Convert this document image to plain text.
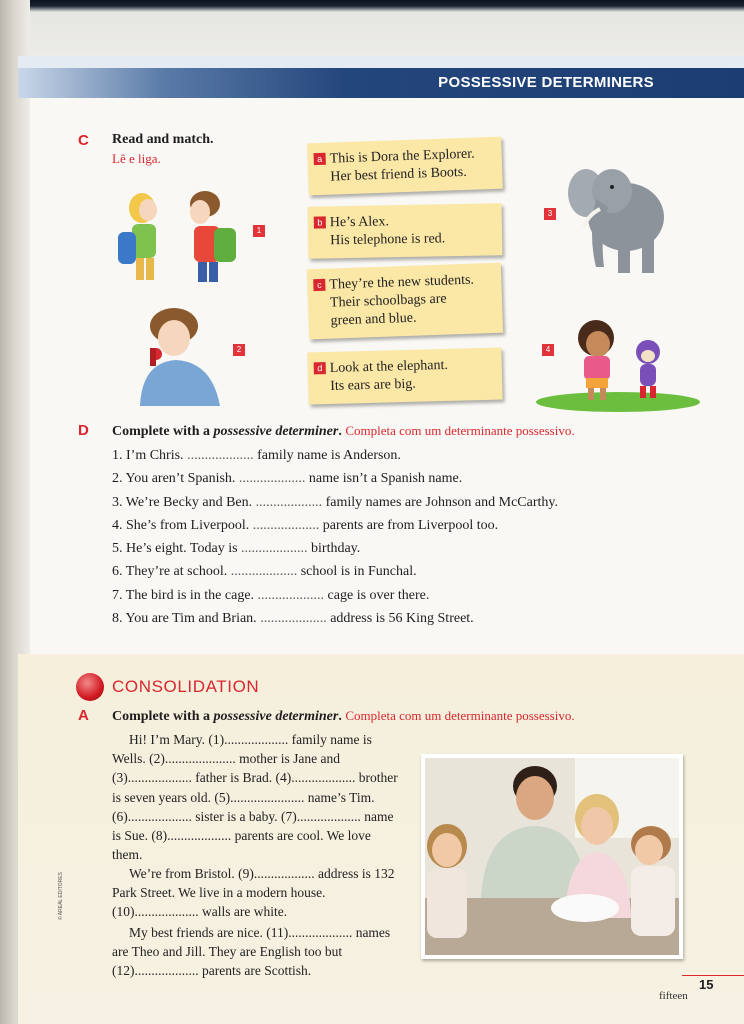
POSSESSIVE DETERMINERS
C Read and match.
Lê e liga.
1
2
a This is Dora the Explorer.
Her best friend is Boots.
b He’s Alex.
His telephone is red.
c They’re the new students.
Their schoolbags are
green and blue.
d Look at the elephant.
Its ears are big.
3
4
D Complete with a possessive determiner. Completa com um determinante possessivo.
1. I’m Chris. ................... family name is Anderson.
2. You aren’t Spanish. ................... name isn’t a Spanish name.
3. We’re Becky and Ben. ................... family names are Johnson and McCarthy.
4. She’s from Liverpool. ................... parents are from Liverpool too.
5. He’s eight. Today is ................... birthday.
6. They’re at school. ................... school is in Funchal.
7. The bird is in the cage. ................... cage is over there.
8. You are Tim and Brian. ................... address is 56 King Street.
CONSOLIDATION
A Complete with a possessive determiner. Completa com um determinante possessivo.

Hi! I’m Mary. (1)................... family name is Wells. (2)..................... mother is Jane and (3)................... father is Brad. (4)................... brother is seven years old. (5)...................... name’s Tim. (6)................... sister is a baby. (7)................... name is Sue. (8)................... parents are cool. We love them.

We’re from Bristol. (9).................. address is 132 Park Street. We live in a modern house. (10)................... walls are white.

My best friends are nice. (11)................... names are Theo and Jill. They are English too but (12)................... parents are Scottish.

© AREAL EDITORES
15
fifteen
